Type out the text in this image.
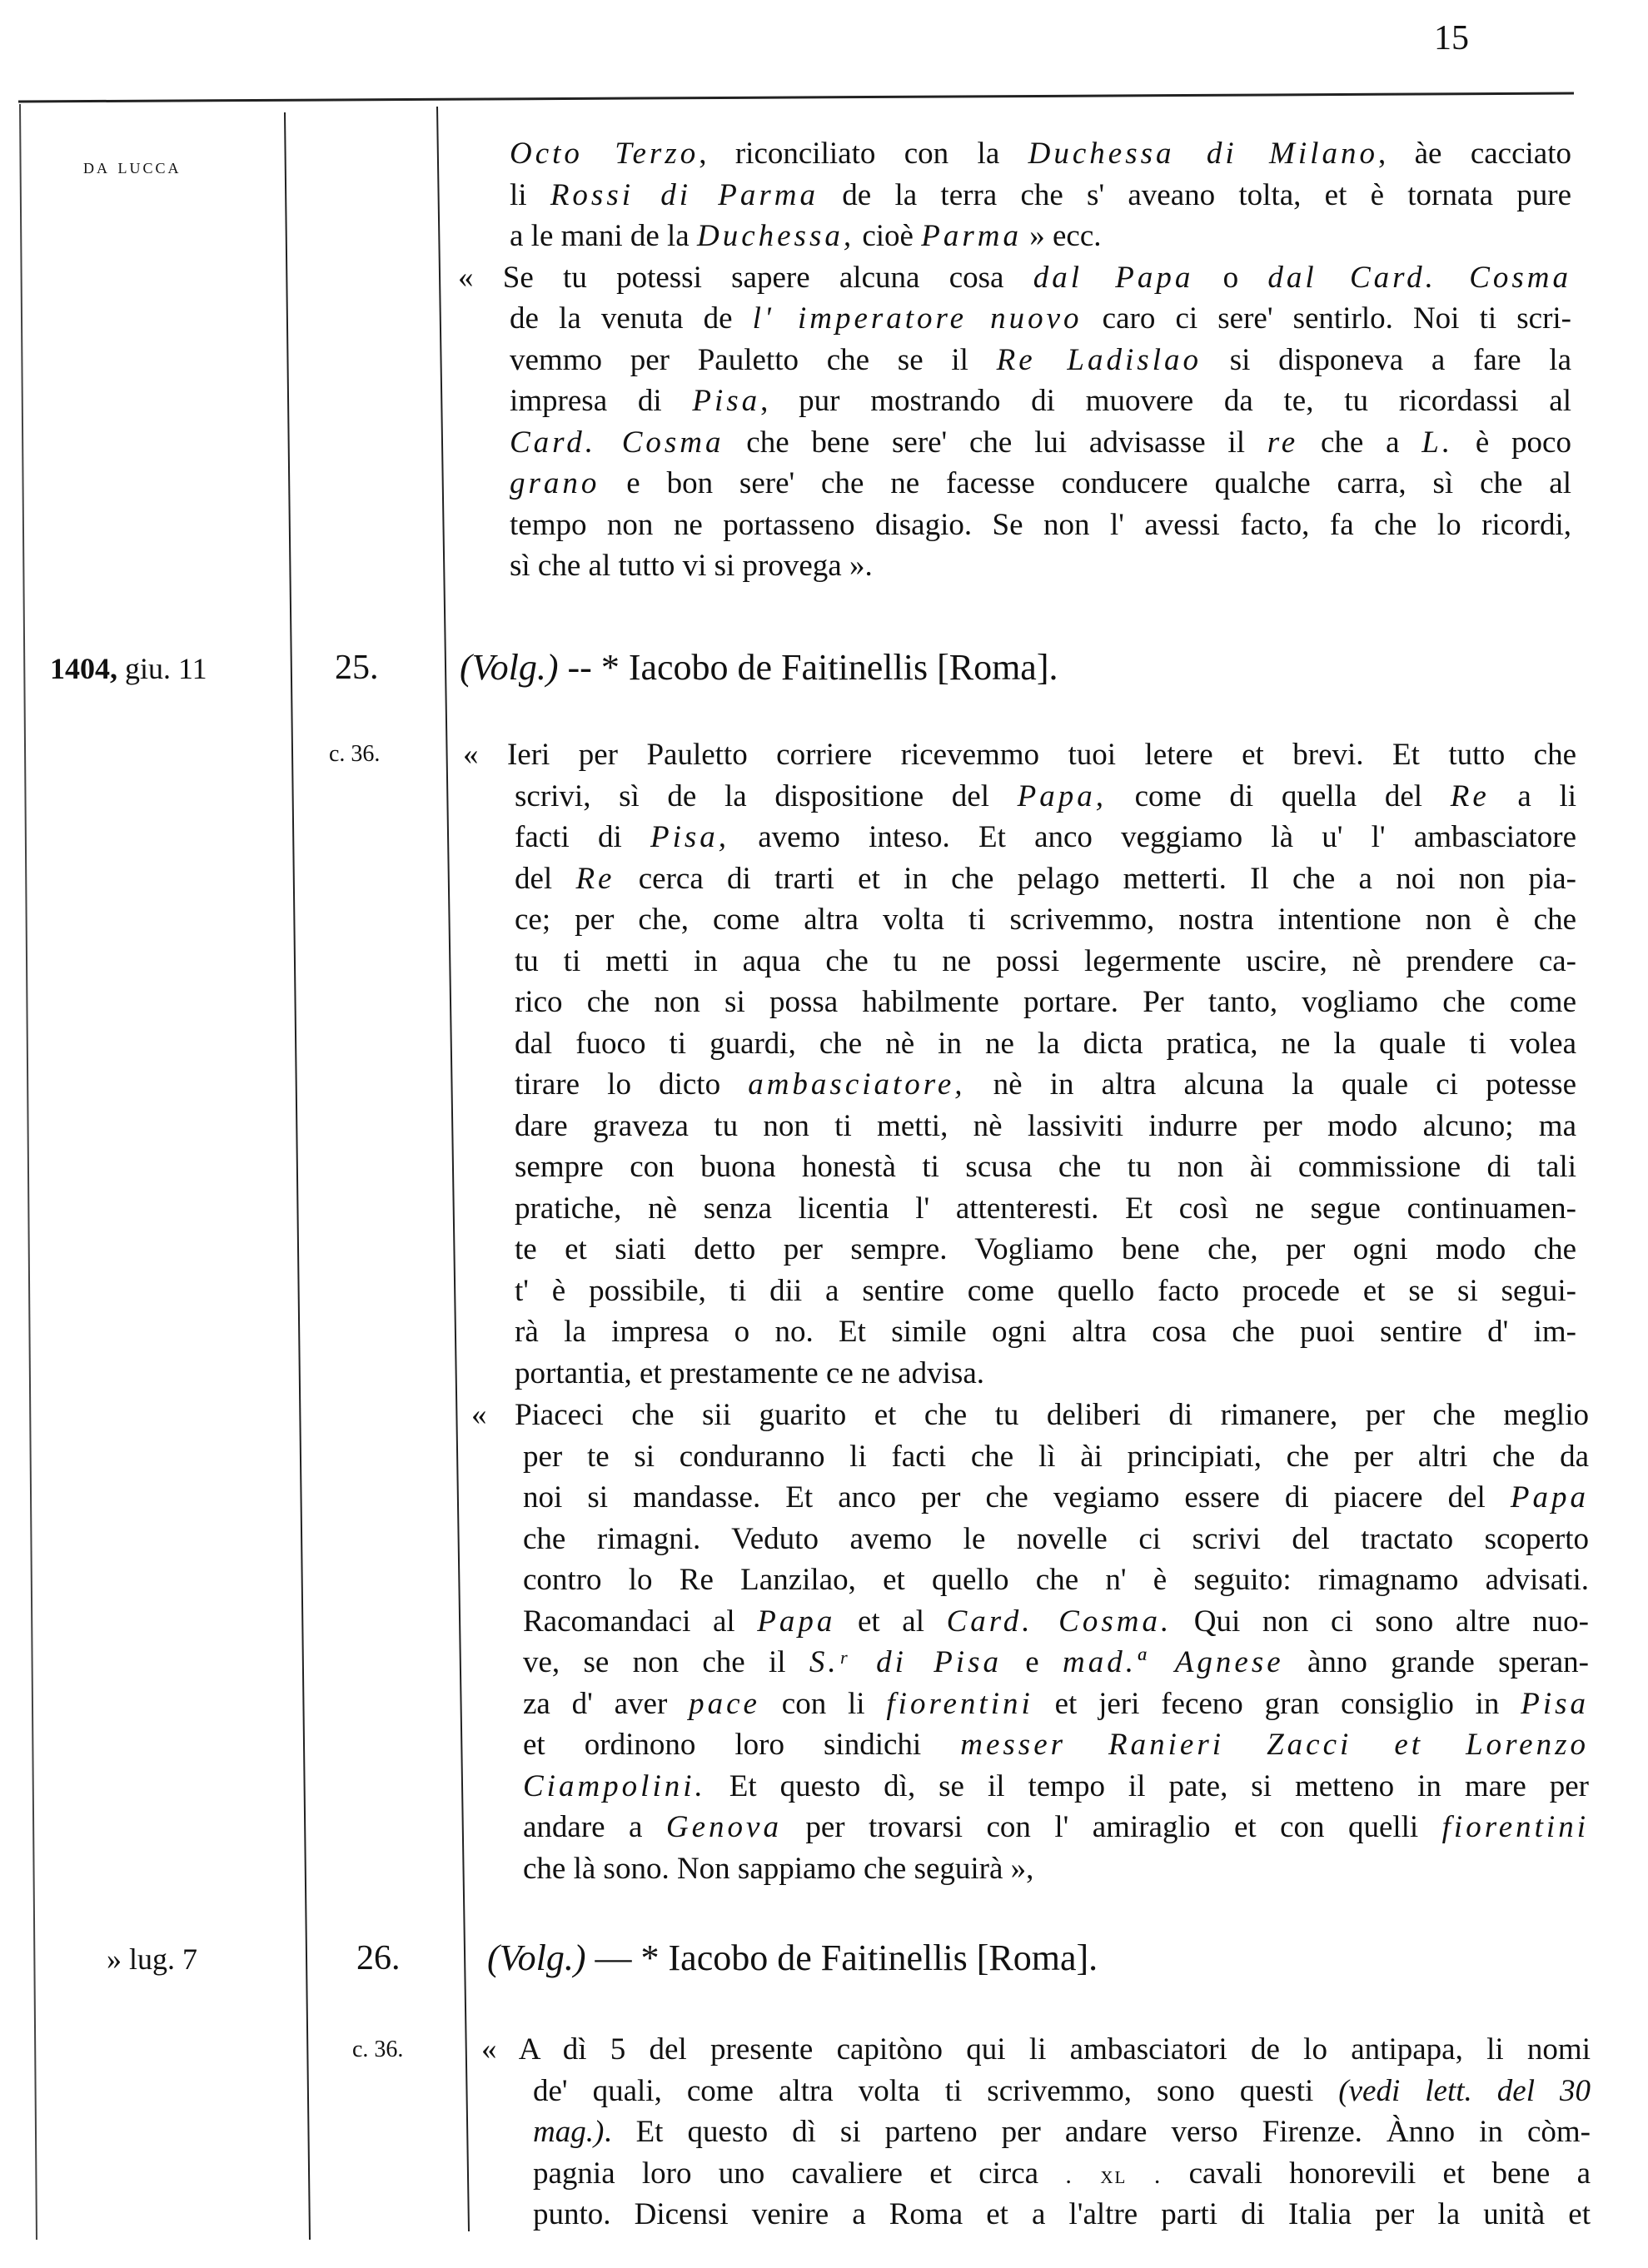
15
da lucca	Octo Terzo, riconciliato con la Duchessa di Milano, àe cacciato
li Rossi di Parma de la terra che s' aveano tolta, et è tornata pure
a le mani de la Duchessa, cioè Parma » ecc.
« Se tu potessi sapere alcuna cosa dal Papa o dal Card. Cosma
de la venuta de l' imperatore nuovo caro ci sere' sentirlo. Noi ti scri-
vemmo per Pauletto che se il Re Ladislao si disponeva a fare la
impresa di Pisa, pur mostrando di muovere da te, tu ricordassi al
Card. Cosma che bene sere' che lui advisasse il re che a L. è poco
grano e bon sere' che ne facesse conducere qualche carra, sì che al
tempo non ne portasseno disagio. Se non l' avessi facto, fa che lo ricordi,
sì che al tutto vi si provega ».
1404, giu. 11	25. (Volg.) -- * Iacobo de Faitinellis [Roma].
c. 36.	« Ieri per Pauletto corriere ricevemmo tuoi letere et brevi. Et tutto che
scrivi, sì de la dispositione del Papa, come di quella del Re a li
facti di Pisa, avemo inteso. Et anco veggiamo là u' l' ambasciatore
del Re cerca di trarti et in che pelago metterti. Il che a noi non pia-
ce; per che, come altra volta ti scrivemmo, nostra intentione non è che
tu ti metti in aqua che tu ne possi legermente uscire, nè prendere ca-
rico che non si possa habilmente portare. Per tanto, vogliamo che come
dal fuoco ti guardi, che nè in ne la dicta pratica, ne la quale ti volea
tirare lo dicto ambasciatore, nè in altra alcuna la quale ci potesse
dare graveza tu non ti metti, nè lassiviti indurre per modo alcuno; ma
sempre con buona honestà ti scusa che tu non ài commissione di tali
pratiche, nè senza licentia l' attenteresti. Et così ne segue continuamen-
te et siati detto per sempre. Vogliamo bene che, per ogni modo che
t' è possibile, ti dii a sentire come quello facto procede et se si segui-
rà la impresa o no. Et simile ogni altra cosa che puoi sentire d' im-
portantia, et prestamente ce ne advisa.
« Piaceci che sii guarito et che tu deliberi di rimanere, per che meglio
per te si conduranno li facti che lì ài principiati, che per altri che da
noi si mandasse. Et anco per che vegiamo essere di piacere del Papa
che rimagni. Veduto avemo le novelle ci scrivi del tractato scoperto
contro lo Re Lanzilao, et quello che n' è seguito: rimagnamo advisati.
Racomandaci al Papa et al Card. Cosma. Qui non ci sono altre nuo-
ve, se non che il S.ʳ di Pisa e mad.ª Agnese ànno grande speran-
za d' aver pace con li fiorentini et jeri feceno gran consiglio in Pisa
et ordinono loro sindichi messer Ranieri Zacci et Lorenzo
Ciampolini. Et questo dì, se il tempo il pate, si metteno in mare per
andare a Genova per trovarsi con l' amiraglio et con quelli fiorentini
che là sono. Non sappiamo che seguirà »,
» lug. 7	26. (Volg.) — * Iacobo de Faitinellis [Roma].
c. 36.	« A dì 5 del presente capitòno qui li ambasciatori de lo antipapa, li nomi
de' quali, come altra volta ti scrivemmo, sono questi (vedi lett. del 30
mag.). Et questo dì si parteno per andare verso Firenze. Ànno in còm-
pagnia loro uno cavaliere et circa . xl . cavali honorevili et bene a
punto. Dicensi venire a Roma et a l'altre parti di Italia per la unità et
